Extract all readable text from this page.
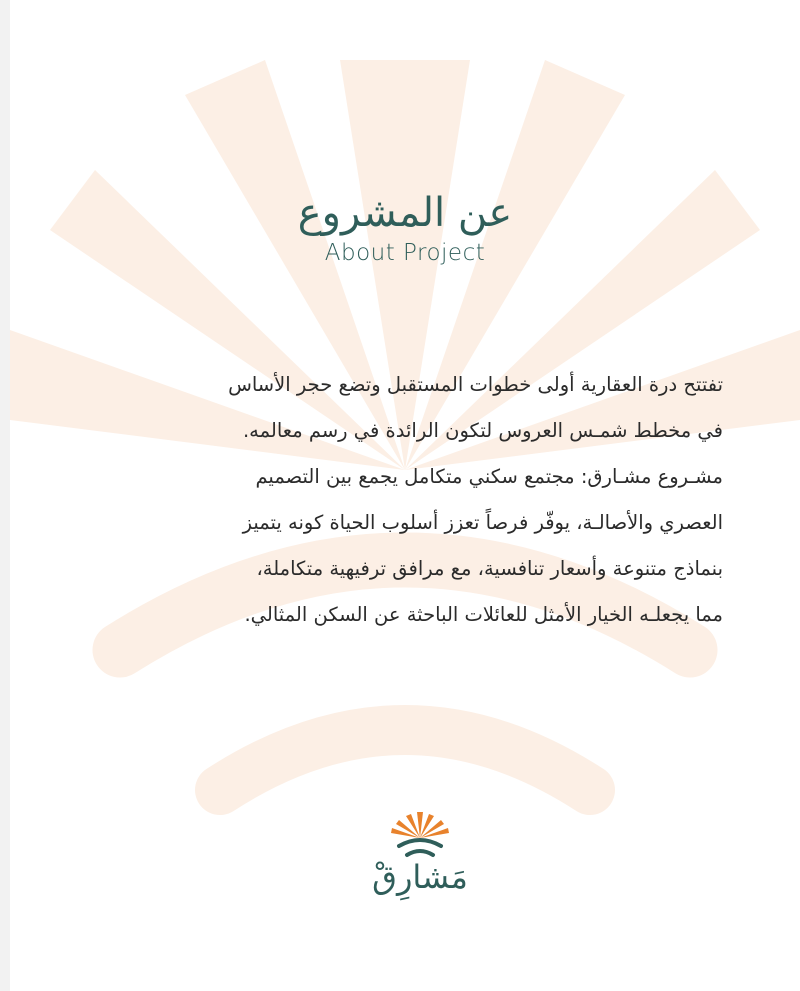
عن المشروع
About Project
تفتتح درة العقارية أولى خطوات المستقبل وتضع حجر الأساس
في مخطط شمـس العروس لتكون الرائدة في رسم معالمه.
مشـروع مشـارق: مجتمع سكني متكامل يجمع بين التصميم
العصري والأصالـة، يوفّر فرصاً تعزز أسلوب الحياة كونه يتميز
بنماذج متنوعة وأسعار تنافسية، مع مرافق ترفيهية متكاملة،
مما يجعلـه الخيار الأمثل للعائلات الباحثة عن السكن المثالي.
مَشارِقْ
